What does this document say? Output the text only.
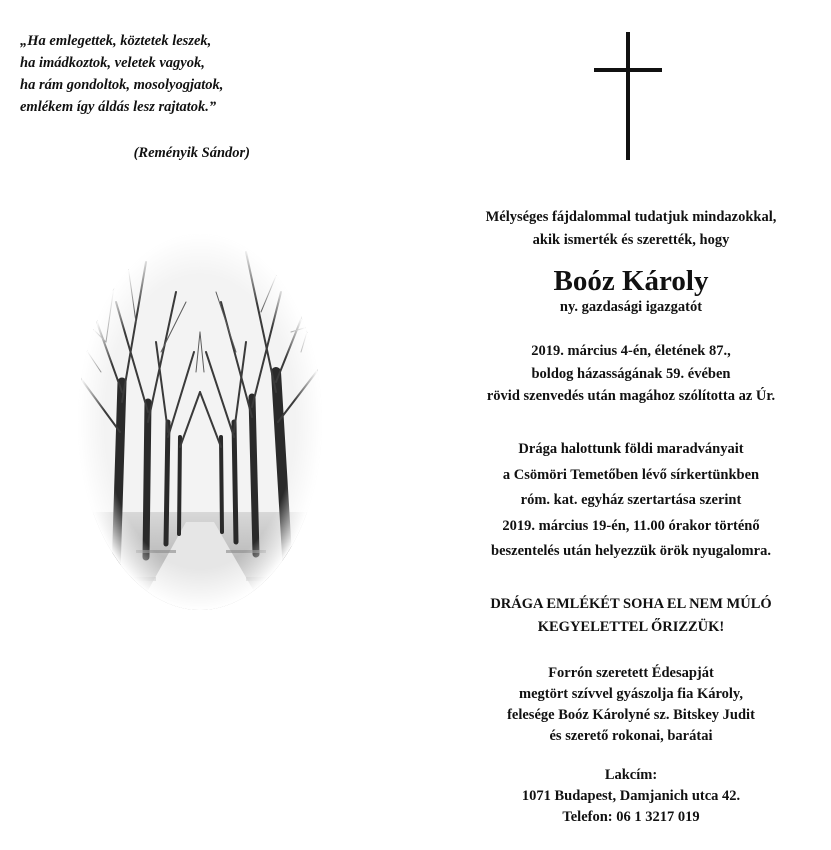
„Ha emlegettek, köztetek leszek,
ha imádkoztok, veletek vagyok,
ha rám gondoltok, mosolyogjatok,
emlékem így áldás lesz rajtatok.”
(Reményik Sándor)
Mélységes fájdalommal tudatjuk mindazokkal,
akik ismerték és szerették, hogy
Boóz Károly
ny. gazdasági igazgatót
2019. március 4-én, életének 87.,
boldog házasságának 59. évében
rövid szenvedés után magához szólította az Úr.
Drága halottunk földi maradványait
a Csömöri Temetőben lévő sírkertünkben
róm. kat. egyház szertartása szerint
2019. március 19-én, 11.00 órakor történő
beszentelés után helyezzük örök nyugalomra.
DRÁGA EMLÉKÉT SOHA EL NEM MÚLÓ
KEGYELETTEL ŐRIZZÜK!
Forrón szeretett Édesapját
megtört szívvel gyászolja fia Károly,
felesége Boóz Károlyné sz. Bitskey Judit
és szerető rokonai, barátai
Lakcím:
1071 Budapest, Damjanich utca 42.
Telefon: 06 1 3217 019
